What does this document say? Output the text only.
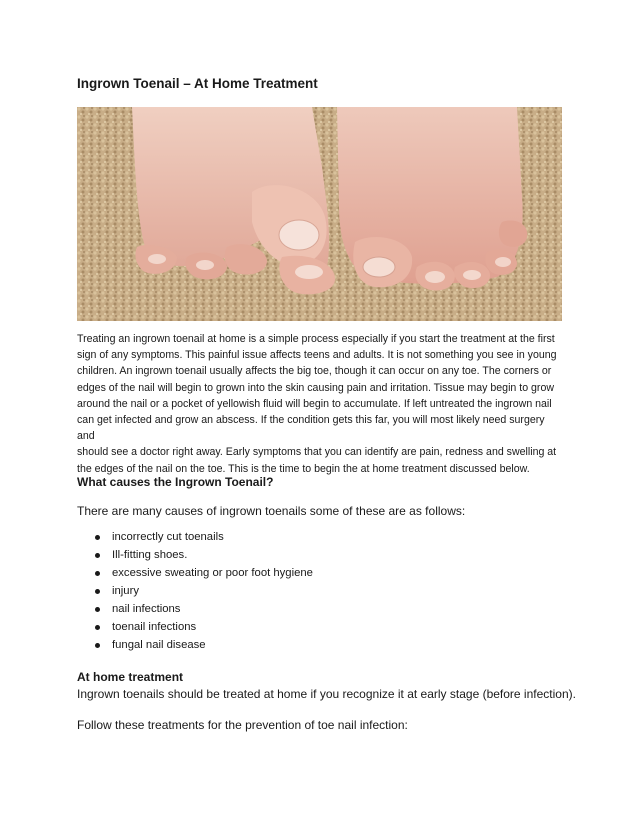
Ingrown Toenail – At Home Treatment

Treating an ingrown toenail at home is a simple process especially if you start the treatment at the first
sign of any symptoms. This painful issue affects teens and adults. It is not something you see in young
children. An ingrown toenail usually affects the big toe, though it can occur on any toe. The corners or
edges of the nail will begin to grown into the skin causing pain and irritation. Tissue may begin to grow
around the nail or a pocket of yellowish fluid will begin to accumulate. If left untreated the ingrown nail
can get infected and grow an abscess. If the condition gets this far, you will most likely need surgery and
should see a doctor right away. Early symptoms that you can identify are pain, redness and swelling at
the edges of the nail on the toe. This is the time to begin the at home treatment discussed below.

What causes the Ingrown Toenail?

There are many causes of ingrown toenails some of these are as follows:

incorrectly cut toenails
Ill-fitting shoes.
excessive sweating or poor foot hygiene
injury
nail infections
toenail infections
fungal nail disease
At home treatment

Ingrown toenails should be treated at home if you recognize it at early stage (before infection).

Follow these treatments for the prevention of toe nail infection:
